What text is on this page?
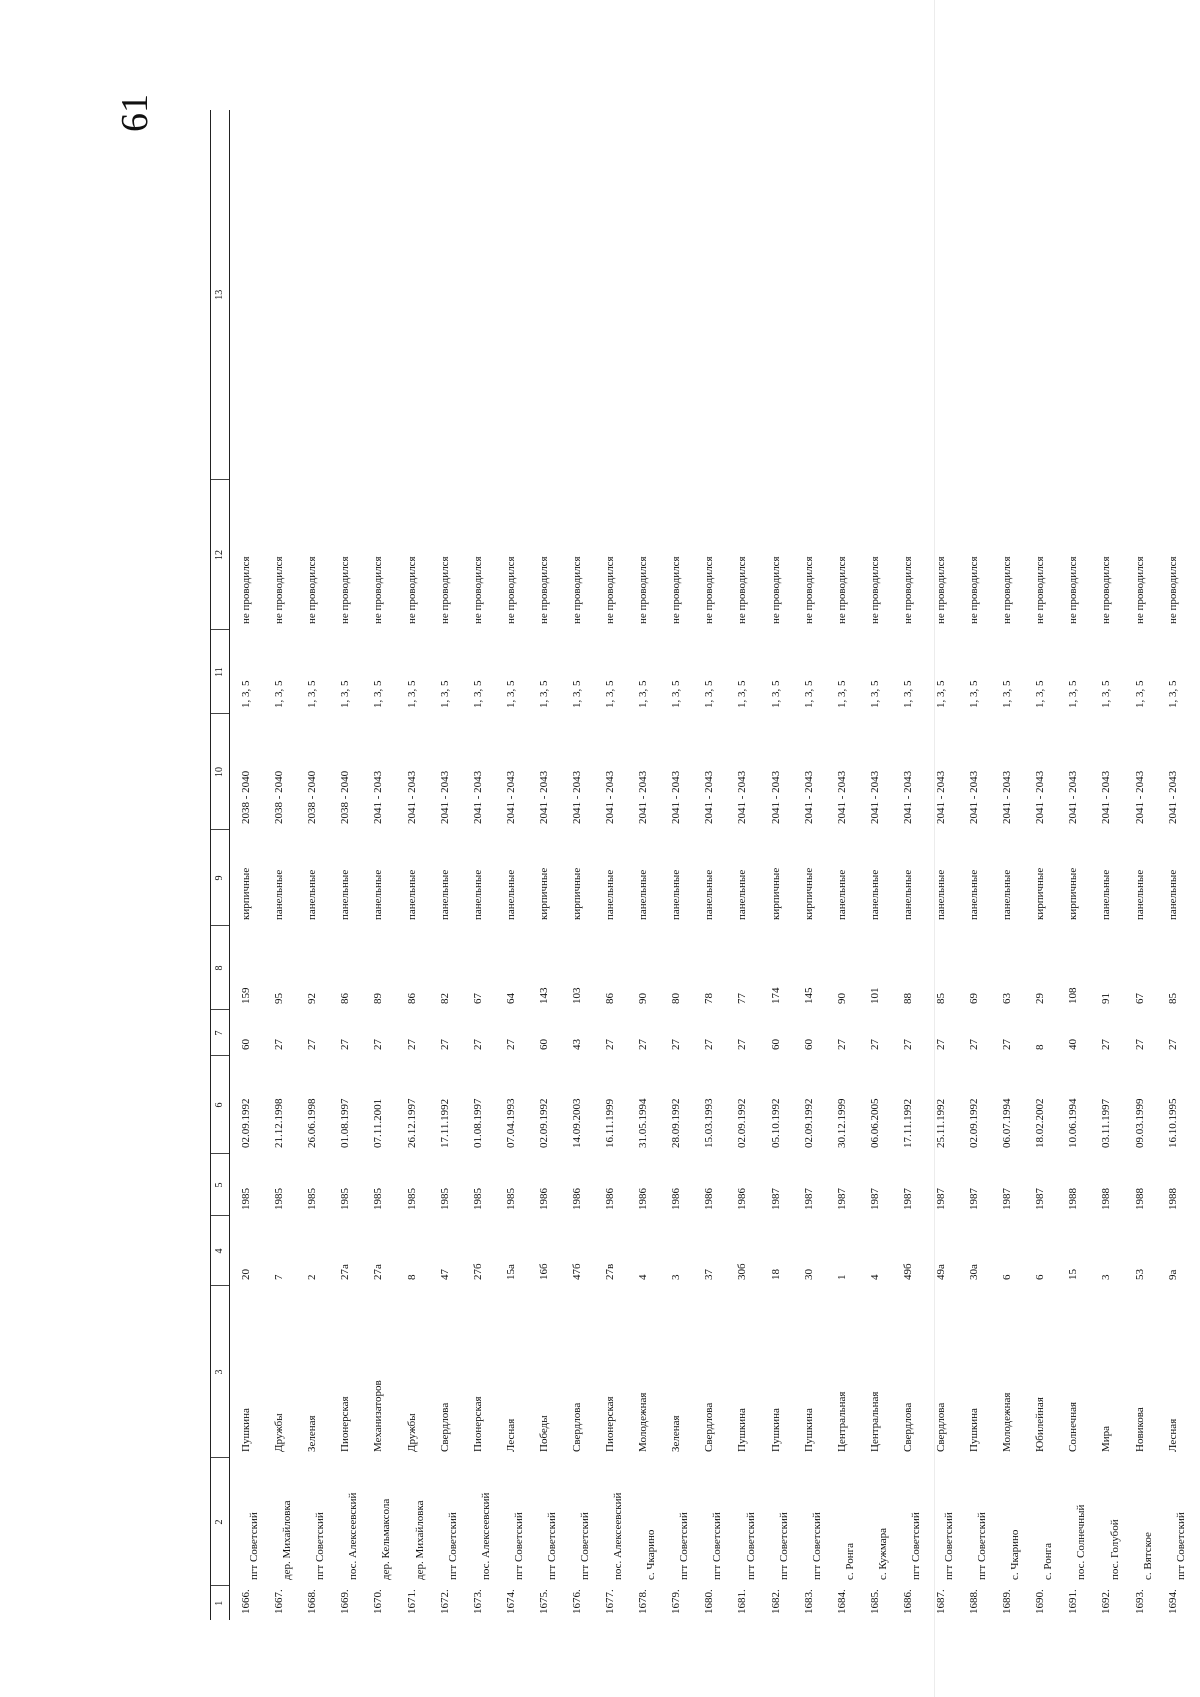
61
1	2	3	4	5	6	7	8	9	10	11	12	13
1666.	пгт Советский	Пушкина	20	1985	02.09.1992	60	159	кирпичные	2038 - 2040	1, 3, 5	не проводился	
1667.	дер. Михайловка	Дружбы	7	1985	21.12.1998	27	95	панельные	2038 - 2040	1, 3, 5	не проводился	
1668.	пгт Советский	Зеленая	2	1985	26.06.1998	27	92	панельные	2038 - 2040	1, 3, 5	не проводился	
1669.	пос. Алексеевский	Пионерская	27а	1985	01.08.1997	27	86	панельные	2038 - 2040	1, 3, 5	не проводился	
1670.	дер. Кельмаксола	Механизаторов	27а	1985	07.11.2001	27	89	панельные	2041 - 2043	1, 3, 5	не проводился	
1671.	дер. Михайловка	Дружбы	8	1985	26.12.1997	27	86	панельные	2041 - 2043	1, 3, 5	не проводился	
1672.	пгт Советский	Свердлова	47	1985	17.11.1992	27	82	панельные	2041 - 2043	1, 3, 5	не проводился	
1673.	пос. Алексеевский	Пионерская	27б	1985	01.08.1997	27	67	панельные	2041 - 2043	1, 3, 5	не проводился	
1674.	пгт Советский	Лесная	15а	1985	07.04.1993	27	64	панельные	2041 - 2043	1, 3, 5	не проводился	
1675.	пгт Советский	Победы	16б	1986	02.09.1992	60	143	кирпичные	2041 - 2043	1, 3, 5	не проводился	
1676.	пгт Советский	Свердлова	47б	1986	14.09.2003	43	103	кирпичные	2041 - 2043	1, 3, 5	не проводился	
1677.	пос. Алексеевский	Пионерская	27в	1986	16.11.1999	27	86	панельные	2041 - 2043	1, 3, 5	не проводился	
1678.	с. Чкарино	Молодежная	4	1986	31.05.1994	27	90	панельные	2041 - 2043	1, 3, 5	не проводился	
1679.	пгт Советский	Зеленая	3	1986	28.09.1992	27	80	панельные	2041 - 2043	1, 3, 5	не проводился	
1680.	пгт Советский	Свердлова	37	1986	15.03.1993	27	78	панельные	2041 - 2043	1, 3, 5	не проводился	
1681.	пгт Советский	Пушкина	30б	1986	02.09.1992	27	77	панельные	2041 - 2043	1, 3, 5	не проводился	
1682.	пгт Советский	Пушкина	18	1987	05.10.1992	60	174	кирпичные	2041 - 2043	1, 3, 5	не проводился	
1683.	пгт Советский	Пушкина	30	1987	02.09.1992	60	145	кирпичные	2041 - 2043	1, 3, 5	не проводился	
1684.	с. Ронга	Центральная	1	1987	30.12.1999	27	90	панельные	2041 - 2043	1, 3, 5	не проводился	
1685.	с. Кужмара	Центральная	4	1987	06.06.2005	27	101	панельные	2041 - 2043	1, 3, 5	не проводился	
1686.	пгт Советский	Свердлова	49б	1987	17.11.1992	27	88	панельные	2041 - 2043	1, 3, 5	не проводился	
1687.	пгт Советский	Свердлова	49а	1987	25.11.1992	27	85	панельные	2041 - 2043	1, 3, 5	не проводился	
1688.	пгт Советский	Пушкина	30а	1987	02.09.1992	27	69	панельные	2041 - 2043	1, 3, 5	не проводился	
1689.	с. Чкарино	Молодежная	6	1987	06.07.1994	27	63	панельные	2041 - 2043	1, 3, 5	не проводился	
1690.	с. Ронга	Юбилейная	6	1987	18.02.2002	8	29	кирпичные	2041 - 2043	1, 3, 5	не проводился	
1691.	пос. Солнечный	Солнечная	15	1988	10.06.1994	40	108	кирпичные	2041 - 2043	1, 3, 5	не проводился	
1692.	пос. Голубой	Мира	3	1988	03.11.1997	27	91	панельные	2041 - 2043	1, 3, 5	не проводился	
1693.	с. Вятское	Новикова	53	1988	09.03.1999	27	67	панельные	2041 - 2043	1, 3, 5	не проводился	
1694.	пгт Советский	Лесная	9а	1988	16.10.1995	27	85	панельные	2041 - 2043	1, 3, 5	не проводился	
